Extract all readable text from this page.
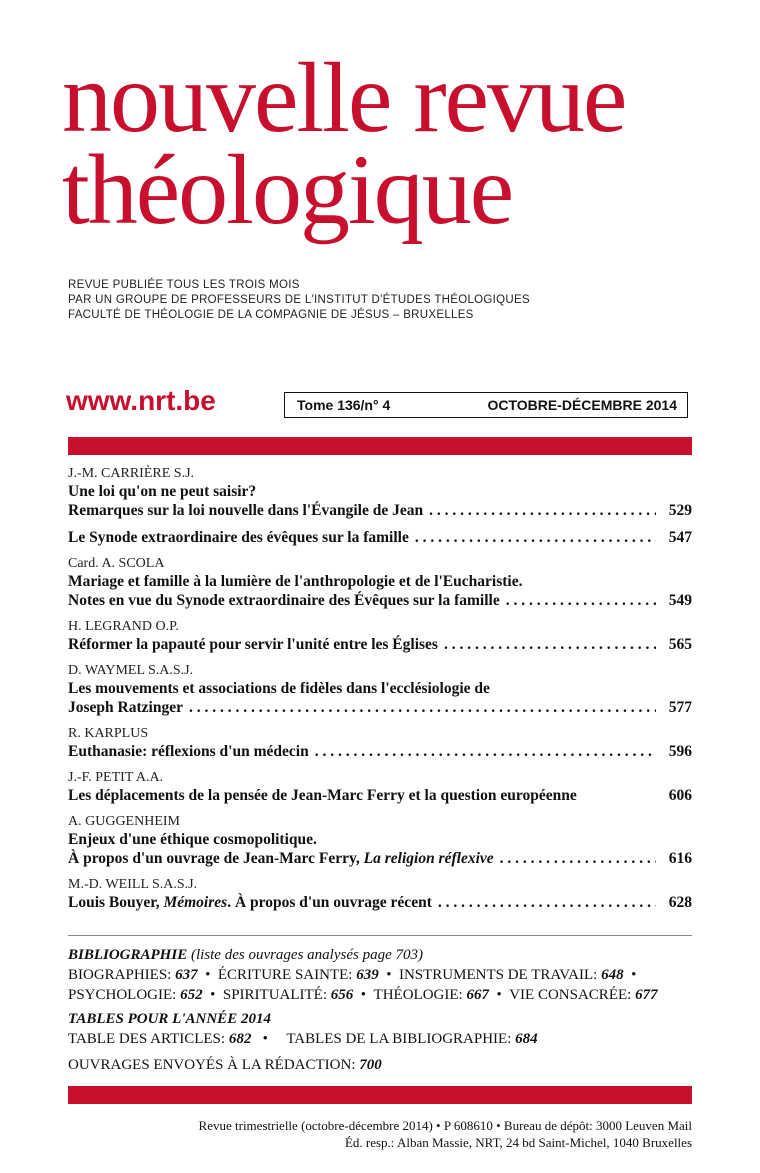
nouvelle revue
théologique
REVUE PUBLIÉE TOUS LES TROIS MOIS
PAR UN GROUPE DE PROFESSEURS DE L'INSTITUT D'ÉTUDES THÉOLOGIQUES
FACULTÉ DE THÉOLOGIE DE LA COMPAGNIE DE JÉSUS – BRUXELLES
www.nrt.be	Tome 136/n° 4	OCTOBRE-DÉCEMBRE 2014
J.-M. CARRIÈRE S.J.
Une loi qu'on ne peut saisir?
Remarques sur la loi nouvelle dans l'Évangile de Jean . . .	529
Le Synode extraordinaire des évêques sur la famille . . .	547
Card. A. SCOLA
Mariage et famille à la lumière de l'anthropologie et de l'Eucharistie.
Notes en vue du Synode extraordinaire des Évêques sur la famille . . .	549
H. LEGRAND O.P.
Réformer la papauté pour servir l'unité entre les Églises . . .	565
D. WAYMEL S.A.S.J.
Les mouvements et associations de fidèles dans l'ecclésiologie de
Joseph Ratzinger . . .	577
R. KARPLUS
Euthanasie: réflexions d'un médecin . . .	596
J.-F. PETIT A.A.
Les déplacements de la pensée de Jean-Marc Ferry et la question européenne	606
A. GUGGENHEIM
Enjeux d'une éthique cosmopolitique.
À propos d'un ouvrage de Jean-Marc Ferry, La religion réflexive . . .	616
M.-D. WEILL S.A.S.J.
Louis Bouyer, Mémoires. À propos d'un ouvrage récent . . .	628
BIBLIOGRAPHIE (liste des ouvrages analysés page 703)
BIOGRAPHIES: 637  •  ÉCRITURE SAINTE: 639  •  INSTRUMENTS DE TRAVAIL: 648  •
PSYCHOLOGIE: 652  •  SPIRITUALITÉ: 656  •  THÉOLOGIE: 667  •  VIE CONSACRÉE: 677
TABLES POUR L'ANNÉE 2014
TABLE DES ARTICLES: 682   •     TABLES DE LA BIBLIOGRAPHIE: 684
OUVRAGES ENVOYÉS À LA RÉDACTION: 700
Revue trimestrielle (octobre-décembre 2014) • P 608610 • Bureau de dépôt: 3000 Leuven Mail
Éd. resp.: Alban Massie, NRT, 24 bd Saint-Michel, 1040 Bruxelles
